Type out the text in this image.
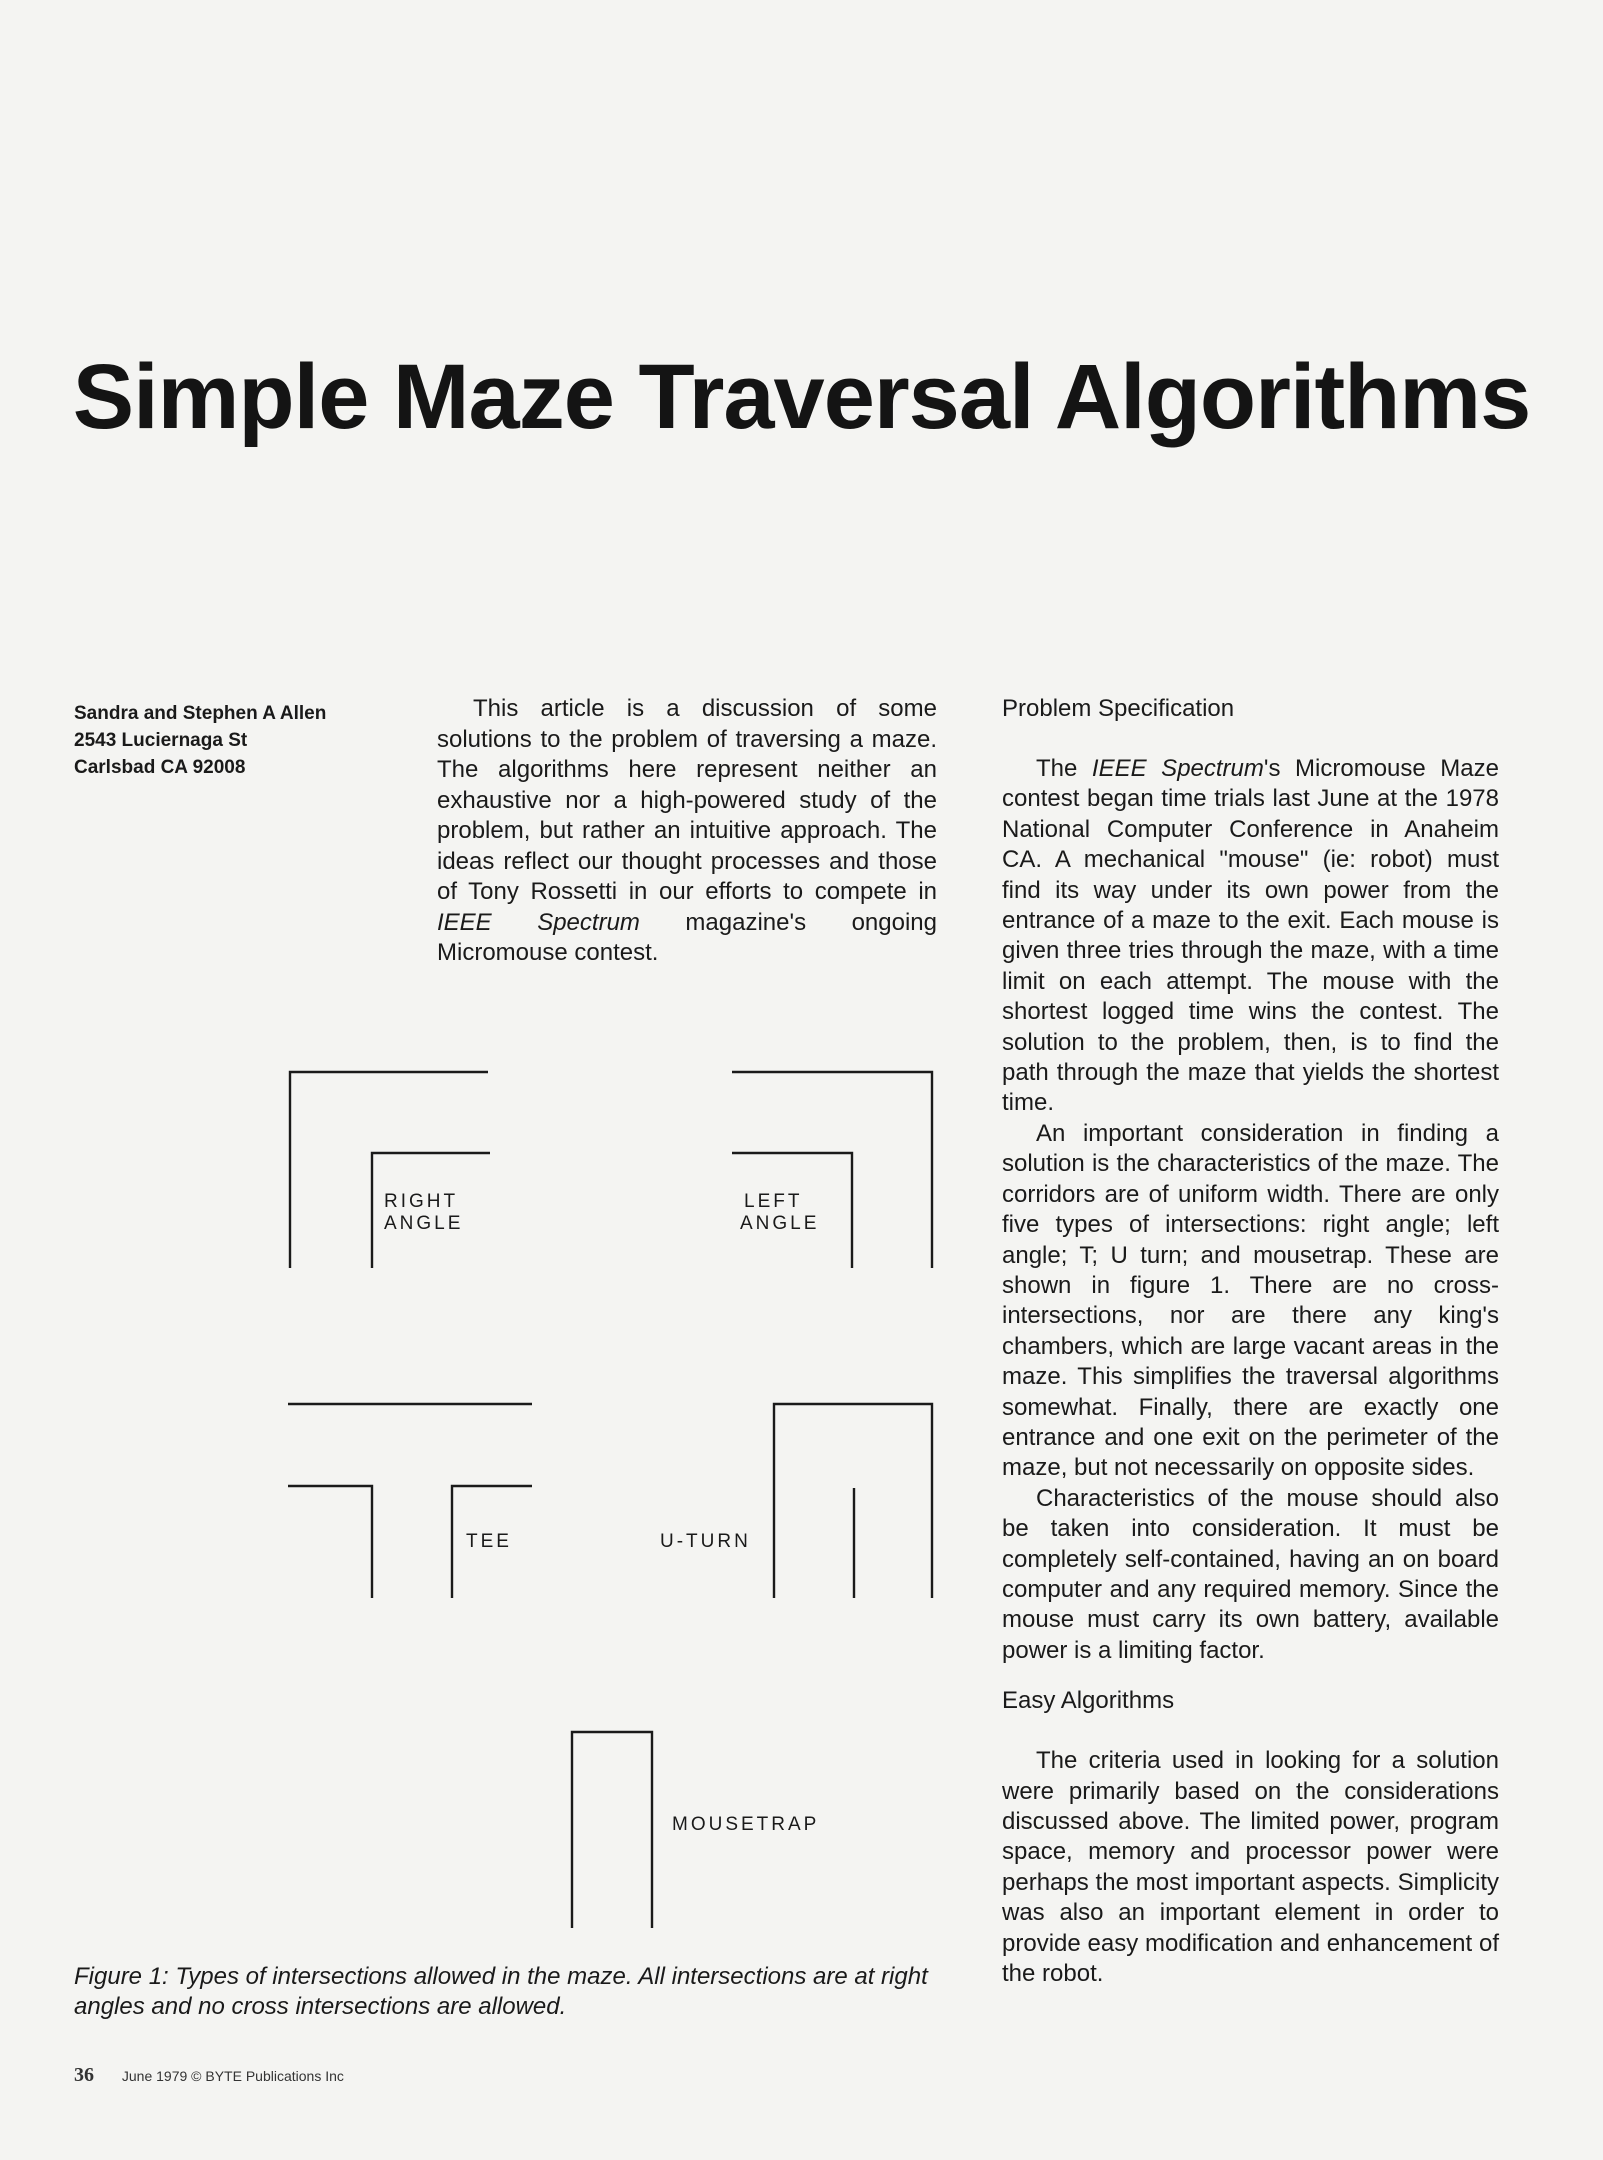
Simple Maze Traversal Algorithms
Sandra and Stephen A Allen
2543 Luciernaga St
Carlsbad CA 92008

This article is a discussion of some solutions to the problem of traversing a maze. The algorithms here represent neither an exhaustive nor a high-powered study of the problem, but rather an intuitive approach. The ideas reflect our thought processes and those of Tony Rossetti in our efforts to compete in IEEE Spectrum magazine's ongoing Micromouse contest.

RIGHT
ANGLE
LEFT
ANGLE
TEE	U-TURN
MOUSETRAP

Figure 1: Types of intersections allowed in the maze. All intersections are at right angles and no cross intersections are allowed.

Problem Specification

The IEEE Spectrum's Micromouse Maze contest began time trials last June at the 1978 National Computer Conference in Anaheim CA. A mechanical "mouse" (ie: robot) must find its way under its own power from the entrance of a maze to the exit. Each mouse is given three tries through the maze, with a time limit on each attempt. The mouse with the shortest logged time wins the contest. The solution to the problem, then, is to find the path through the maze that yields the shortest time.

An important consideration in finding a solution is the characteristics of the maze. The corridors are of uniform width. There are only five types of intersections: right angle; left angle; T; U turn; and mousetrap. These are shown in figure 1. There are no cross-intersections, nor are there any king's chambers, which are large vacant areas in the maze. This simplifies the traversal algorithms somewhat. Finally, there are exactly one entrance and one exit on the perimeter of the maze, but not necessarily on opposite sides.

Characteristics of the mouse should also be taken into consideration. It must be completely self-contained, having an on board computer and any required memory. Since the mouse must carry its own battery, available power is a limiting factor.

Easy Algorithms

The criteria used in looking for a solution were primarily based on the considerations discussed above. The limited power, program space, memory and processor power were perhaps the most important aspects. Simplicity was also an important element in order to provide easy modification and enhancement of the robot.

36 June 1979 © BYTE Publications Inc
